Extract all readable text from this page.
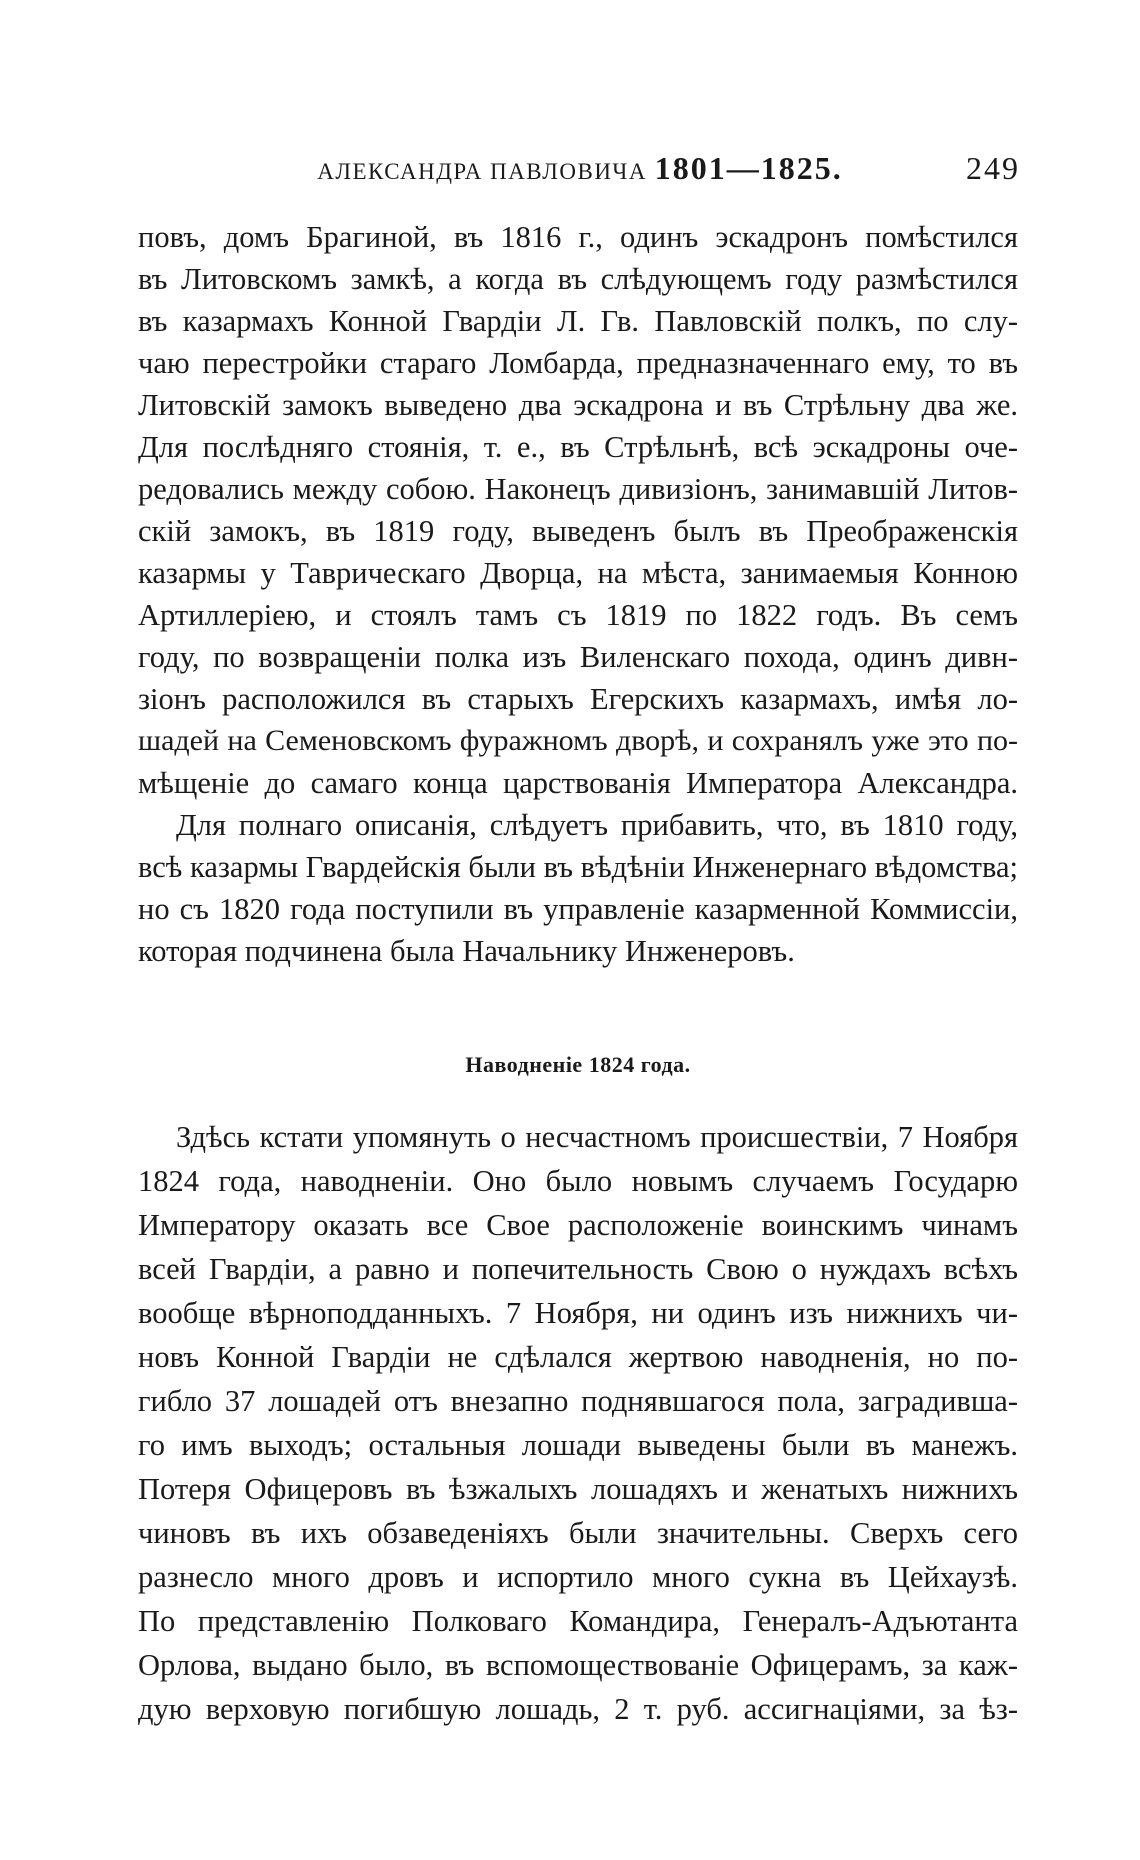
АЛЕКСАНДРА ПАВЛОВИЧА 1801—1825.	249
повъ, домъ Брагиной, въ 1816 г., одинъ эскадронъ помѣстился
въ Литовскомъ замкѣ, а когда въ слѣдующемъ году размѣстился
въ казармахъ Конной Гвардіи Л. Гв. Павловскій полкъ, по слу-
чаю перестройки стараго Ломбарда, предназначеннаго ему, то въ
Литовскій замокъ выведено два эскадрона и въ Стрѣльну два же.
Для послѣдняго стоянія, т. е., въ Стрѣльнѣ, всѣ эскадроны оче-
редовались между собою. Наконецъ дивизіонъ, занимавшій Литов-
скій замокъ, въ 1819 году, выведенъ былъ въ Преображенскія
казармы у Таврическаго Дворца, на мѣста, занимаемыя Конною
Артиллеріею, и стоялъ тамъ съ 1819 по 1822 годъ. Въ семъ
году, по возвращеніи полка изъ Виленскаго похода, одинъ дивн-
зіонъ расположился въ старыхъ Егерскихъ казармахъ, имѣя ло-
шадей на Семеновскомъ фуражномъ дворѣ, и сохранялъ уже это по-
мѣщеніе до самаго конца царствованія Императора Александра.
Для полнаго описанія, слѣдуетъ прибавить, что, въ 1810 году,
всѣ казармы Гвардейскія были въ вѣдѣніи Инженернаго вѣдомства;
но съ 1820 года поступили въ управленіе казарменной Коммиссіи,
которая подчинена была Начальнику Инженеровъ.
Наводненіе 1824 года.
Здѣсь кстати упомянуть о несчастномъ происшествіи, 7 Ноября
1824 года, наводненіи. Оно было новымъ случаемъ Государю
Императору оказать все Свое расположеніе воинскимъ чинамъ
всей Гвардіи, а равно и попечительность Свою о нуждахъ всѣхъ
вообще вѣрноподданныхъ. 7 Ноября, ни одинъ изъ нижнихъ чи-
новъ Конной Гвардіи не сдѣлался жертвою наводненія, но по-
гибло 37 лошадей отъ внезапно поднявшагося пола, заградивша-
го имъ выходъ; остальныя лошади выведены были въ манежъ.
Потеря Офицеровъ въ ѣзжалыхъ лошадяхъ и женатыхъ нижнихъ
чиновъ въ ихъ обзаведеніяхъ были значительны. Сверхъ сего
разнесло много дровъ и испортило много сукна въ Цейхаузѣ.
По представленію Полковаго Командира, Генералъ-Адъютанта
Орлова, выдано было, въ вспомоществованіе Офицерамъ, за каж-
дую верховую погибшую лошадь, 2 т. руб. ассигнаціями, за ѣз-
